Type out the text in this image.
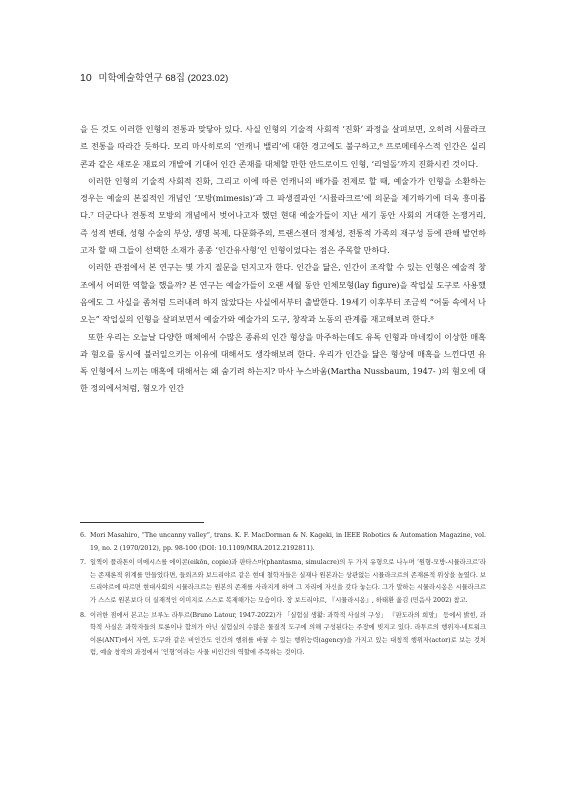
10 미학예술학연구 68집 (2023.02)

을 든 것도 이러한 인형의 전통과 맞닿아 있다. 사실 인형의 기술적 사회적 ‘진화’ 과정을 살펴보면, 오히려 시뮬라크르 전통을 따라간 듯하다. 모리 마사히로의 ‘언캐니 밸리’에 대한 경고에도 불구하고,⁶ 프로메테우스적 인간은 실리콘과 같은 새로운 재료의 개발에 기대어 인간 존재를 대체할 만한 안드로이드 인형, ‘리얼돌’까지 진화시킨 것이다.

이러한 인형의 기술적 사회적 진화, 그리고 이에 따른 언캐니의 배가를 전제로 할 때, 예술가가 인형을 소환하는 경우는 예술의 본질적인 개념인 ‘모방(mimesis)’과 그 파생결과인 ‘시뮬라크르’에 의문을 제기하기에 더욱 흥미롭다.⁷ 더군다나 전통적 모방의 개념에서 벗어나고자 했던 현대 예술가들이 지난 세기 동안 사회의 거대한 논쟁거리, 즉 성적 변태, 성형 수술의 부상, 생명 복제, 다문화주의, 트랜스젠더 정체성, 전통적 가족의 재구성 등에 관해 발언하고자 할 때 그들이 선택한 소재가 종종 ‘인간유사형’인 인형이었다는 점은 주목할 만하다.

이러한 관점에서 본 연구는 몇 가지 질문을 던지고자 한다. 인간을 닮은, 인간이 조작할 수 있는 인형은 예술적 창조에서 어떠한 역할을 했을까? 본 연구는 예술가들이 오랜 세월 동안 인체모형(lay figure)을 작업실 도구로 사용했음에도 그 사실을 좀처럼 드러내려 하지 않았다는 사실에서부터 출발한다. 19세기 이후부터 조금씩 “어둠 속에서 나오는” 작업실의 인형을 살펴보면서 예술가와 예술가의 도구, 창작과 노동의 관계를 재고해보려 한다.⁸

또한 우리는 오늘날 다양한 매체에서 수많은 종류의 인간 형상을 마주하는데도 유독 인형과 마네킹이 이상한 매혹과 혐오를 동시에 불러일으키는 이유에 대해서도 생각해보려 한다. 우리가 인간을 닮은 형상에 매혹을 느낀다면 유독 인형에서 느끼는 매혹에 대해서는 왜 숨기려 하는지? 마사 누스바움(Martha Nussbaum, 1947- )의 혐오에 대한 정의에서처럼, 혐오가 인간

6. Mori Masahiro, “The uncanny valley”, trans. K. F. MacDorman & N. Kageki, in IEEE Robotics & Automation Magazine, vol. 19, no. 2 (1970/2012), pp. 98-100 (DOI: 10.1109/MRA.2012.2192811).

7. 일찍이 플라톤이 미메시스를 에이콘(eikōn, copie)과 판타스마(phantasma, simulacre)의 두 가지 유형으로 나누며 ‘원형-모방-시뮬라크르’라는 존재론적 위계를 만들었다면, 들뢰즈와 보드리야르 같은 현대 철학자들은 실재나 원본과는 상관없는 시뮬라크르의 존재론적 위상을 높였다. 보드리야르에 따르면 현대사회의 시뮬라크르는 원본의 존재를 사라지게 하며 그 자리에 자신을 갖다 놓는다. 그가 말하는 시뮬라시옹은 시뮬라크르가 스스로 원본보다 더 실재적인 이미지로 스스로 복제해가는 모습이다. 장 보드리야르, 『시뮬라시옹』, 하태환 옮김 (민음사 2002) 참고.

8. 이러한 점에서 본고는 브루노 라투르(Bruno Latour, 1947-2022)가 「실험실 생활: 과학적 사실의 구성」 『판도라의 희망』 등에서 밝힌, 과학적 사실은 과학자들의 토론이나 합의가 아닌 실험실의 수많은 물질적 도구에 의해 구성된다는 주장에 빚지고 있다. 라투르의 행위자-네트워크 이론(ANT)에서 자연, 도구와 같은 비인간도 인간의 행위를 바꿀 수 있는 행위능력(agency)을 가지고 있는 대칭적 행위자(actor)로 보는 것처럼, 예술 창작의 과정에서 ‘인형’이라는 사물 비인간의 역할에 주목하는 것이다.
